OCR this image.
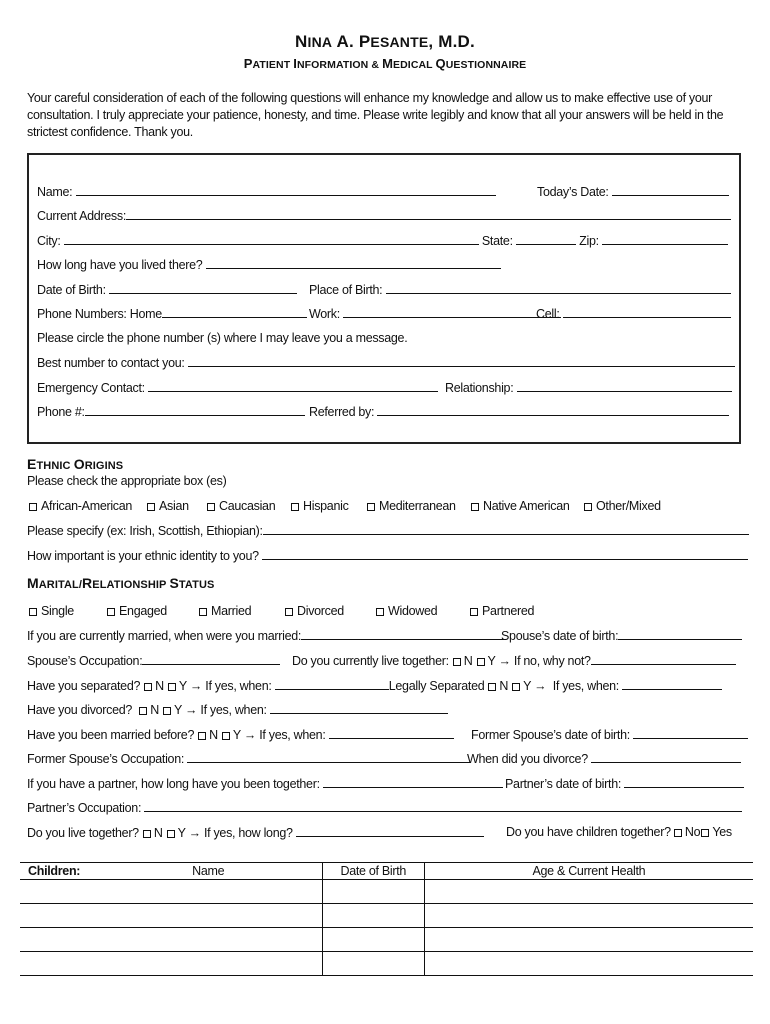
NINA A. PESANTE, M.D.
PATIENT INFORMATION & MEDICAL QUESTIONNAIRE
Your careful consideration of each of the following questions will enhance my knowledge and allow us to make effective use of your consultation. I truly appreciate your patience, honesty, and time. Please write legibly and know that all your answers will be held in the strictest confidence. Thank you.
Name:	Today’s Date:
Current Address:
City:	State:	Zip:
How long have you lived there?
Date of Birth:	Place of Birth:
Phone Numbers: Home	Work:	Cell:
Please circle the phone number (s) where I may leave you a message.
Best number to contact you:
Emergency Contact:	Relationship:
Phone #:	Referred by:
ETHNIC ORIGINS
Please check the appropriate box (es)
African-American	Asian	Caucasian	Hispanic	Mediterranean	Native American	Other/Mixed
Please specify (ex: Irish, Scottish, Ethiopian):
How important is your ethnic identity to you?
MARITAL/RELATIONSHIP STATUS
Single	Engaged	Married	Divorced	Widowed	Partnered
If you are currently married, when were you married:	Spouse’s date of birth:
Spouse’s Occupation:	Do you currently live together: N Y → If no, why not?
Have you separated? N Y → If yes, when:	Legally Separated N Y → If yes, when:
Have you divorced? N Y → If yes, when:
Have you been married before? N Y → If yes, when:	Former Spouse’s date of birth:
Former Spouse’s Occupation:	When did you divorce?
If you have a partner, how long have you been together:	Partner’s date of birth:
Partner’s Occupation:
Do you live together? N Y → If yes, how long?	Do you have children together? No Yes
Children: Name		Date of Birth	Age & Current Health
